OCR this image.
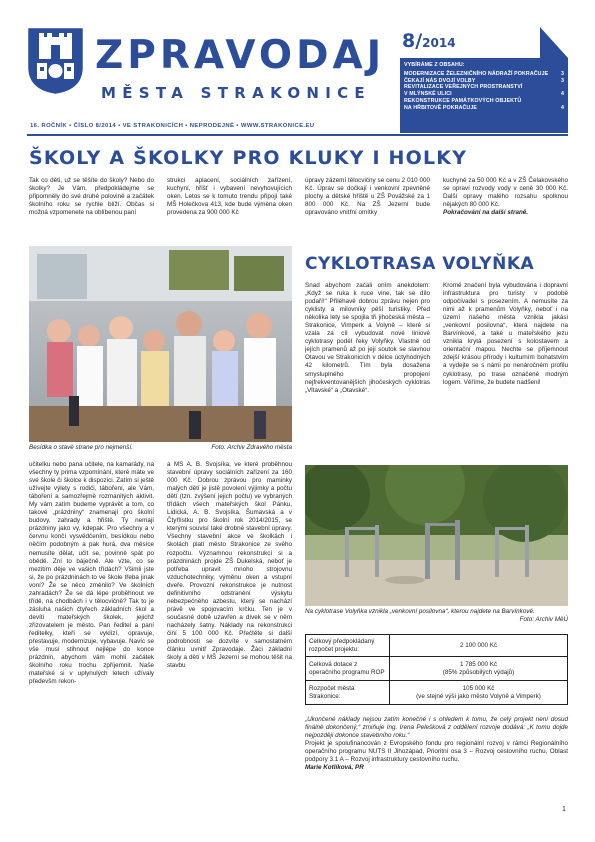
ZPRAVODAJ
MĚSTA STRAKONICE
8/2014
VYBÍRÁME Z OBSAHU:
MODERNIZACE ŽELEZNIČNÍHO NÁDRAŽÍ POKRAČUJE 3
ČEKAJÍ NÁS DVOJÍ VOLBY	3
REVITALIZACE VEŘEJNÝCH PROSTRANSTVÍ
V MLÝNSKÉ ULICI	4
REKONSTRUKCE PAMÁTKOVÝCH OBJEKTŮ
NA HŘBITOVĚ POKRAČUJE	4
16. ROČNÍK • ČÍSLO 8/2014 • VE STRAKONICÍCH • NEPRODEJNÉ • WWW.STRAKONICE.EU
ŠKOLY A ŠKOLKY PRO KLUKY I HOLKY

Tak co děti, už se těšíte do školy? Nebo do školky? Je Vám, předpokládejme se připomněly do své druhé polovině a začátek školního roku se rychle blíží. Občas si možná vzpomenete na oblíbenou paní

strukcí aplacení, sociálních zařízení, kuchyní, hřišť i vybavení nevyhovujících oken. Letos se k tomuto trendu připojí také MŠ Holečkova 413, kde bude výměna oken provedena za 900 000 Kč

úpravy zázemí tělocvičny se cenu 2 010 000 Kč. Úprav se dočkají i venkovní zpevněné plochy a dětské hřiště u ZŠ Povážské za 1 800 000 Kč. Na ZŠ Jezerní bude opravováno vnitřní omítky

kuchyně za 50 000 Kč a v ZŠ Čelakovského se opraví rozvody vody v ceně 30 000 Kč. Další opravy malého rozsahu spolknou nějakých 80 000 Kč.

Pokračování na další straně.

Besídka o stavě strane pro nejmenší.	Foto: Archiv Zdravého města

učitelku nebo pana učitele, na kamarády, na všechny ty prima vzpomínání, které máte ve své škole či školce k dispozici. Zatím si ještě užívejte výlety s rodiči, táboření, ale Vám, táboření a samozřejmě rozmanitých aktivit. My vám zatím budeme vyprávět a tom, co takové „prázdniny“ znamenají pro školní budovy, zahrady a hřiště. Ty nemají prázdniny jako vy, kdepak. Pro všechny a v červnu končí vysvědčením, besídkou nebo něčím podobným a pak hurá, dva měsíce nemusíte dělat, učit se, povinně spát po obědě. Zní to báječně. Ale vzte, co se mezitím děje ve vašich třídách? Všimli jste si, že po prázdninách to ve škole třeba jinak voní? Že se něco změnilo? Ve školních zahradách? Že se dá lépe proběhnout ve třídě, na chodbách i v tělocvičně? Tak to je zásluha našich čtyřech základních škol a devíti mateřských školek, jejichž zřizovatelem je město. Pan ředitel a paní ředitelky, kteří se vyklízí, opravuje, přestavuje, modernizuje, vybavuje. Navíc se vše musí stihnout nejlépe do konce prázdnin, abychom vám mohli začátek školního roku trochu zpříjemnit. Naše mateřské si v uplynulých letech užívaly předevšm rekon-

a MŠ A. B. Svojsíka, ve které proběhnou stavební úpravy sociálních zařízení za 160 000 Kč. Dobrou zprávou pro maminky malých dětí je jistě povolení výjimky a počtu dětí (tzn. zvýšení jejich počtu) ve vybraných třídách všech mateřských škol Pánku, Lidická, A. B. Svojsíka, Šumavská a v Čtyřlístku pro školní rok 2014/2015, se kterými souvisí také drobné stavební úpravy. Všechny stavební akce ve školkách i školách platí město Strakonice ze svého rozpočtu. Významnou rekonstrukcí si a prázdninách projde ZŠ Dukelská, neboť je potřeba upravit mnoho strojovnu vzduchotechniky, výměnu oken a vstupní dveře. Provozní rekonstrukce je nutnost definitivního odstranění výskytu nebezpečného azbestu, který se nachází právě ve spojovacím krčku. Ten je v současné době uzavřen a dívek se v něm nacházely šatny. Náklady na rekonstrukci činí 5 100 000 Kč. Přečtěte si další podrobnosti se dozvíte v samostatném článku uvnitř Zpravodaje. Žáci základní školy a dětí v MŠ Jezerní se mohou těšit na stavbu

CYKLOTRASA VOLYŇKA

Snad abychom začali oním anekdotem: „Když se ruka k ruce vine, tak se dílo podaří!“ Přiléhavě dobrou zprávu nejen pro cyklisty a milovníky pěší turistiky. Před několika lety se spojila tři jihočeská města – Strakonice, Vimperk a Volyně – které si vzala za cíl vybudovat nové liniové cyklotrasy podél řeky Volyňky. Vlastně od jejích pramenů až po její soutok se slavnou Otavou ve Strakonicích v délce úctyhodných 42 kilometrů. Tím byla dosažena smysluplného propojení nejfrekventovanějších jihočeských cyklotras „Vltavské“ a „Otavské“.

Kromě značení byla vybudována i dopravní infrastruktura pro turisty v podobě odpočívadel s posezením. A nemusíte za nimi až k pramenům Volyňky, neboť i na území našeho města vznikla jakási „venkovní posilovna“, která najdete na Barvínkově, a také u mateřského jezu vznikla krytá posezení s kolostavem a orientační mapou. Nechte se příjemnout zdejší krásou přírody i kulturním bohatstvím a vydejte se s námi po nenáročném profilu cyklotrasy, po trase označené modrým logem. Věříme, že budete nadšeni!

Na cyklotrase Volyňka vznikla „venkovní posilovna“, kterou najdete na Barvínkově.
Foto: Archiv MěÚ
Celkový předpokládaný rozpočet projektu:	2 100 000 Kč
Celková dotace z operačního programu ROP	1 785 000 Kč
(85% způsobilých výdajů)

Rozpočet města Strakonice:	105 000 Kč
(ve stejné výši jako město Volyně a Vimperk)

„Ukončené náklady nejsou zatím konečné i s ohledem k tomu, že celý projekt není dosud finálně dokončený,“ zmiňuje Ing. Irena Pelešková z oddělení rozvoje dodává: „K tomu dojde nejpozději dokonce stavebního roku.“

Projekt je spolufinancován z Evropského fondu pro regionální rozvoj v rámci Regionálního operačního programu NUTS II Jihozápad, Prioritní osa 3 – Rozvoj cestovního ruchu, Oblast podpory 3.1 A – Rozvoj infrastruktury cestovního ruchu.

Marie Kotlíková, PR

1
